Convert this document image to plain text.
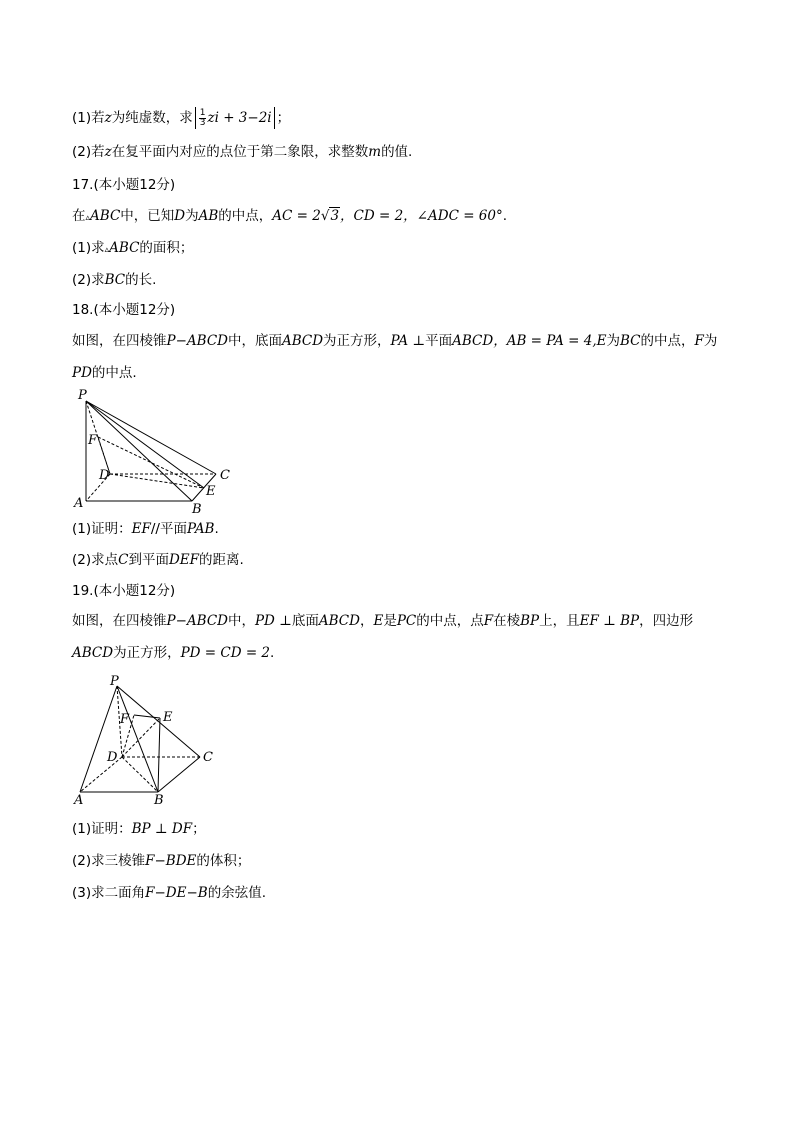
(1)若z为纯虚数，求 $\frac{1}{3}$ zi + 3−2i ；
(2)若z在复平面内对应的点位于第二象限，求整数m的值.
17.(本小题12分)
在▵ABC中，已知D为AB的中点，AC = 2√3，CD = 2，∠ADC = 60°.
(1)求▵ABC的面积；
(2)求BC的长.
18.(本小题12分)
如图，在四棱锥P−ABCD中，底面ABCD为正方形，PA ⊥平面ABCD，AB = PA = 4,E为BC的中点，F为
PD的中点.
P
F
D	C
E
A	B
(1)证明：EF//平面PAB.
(2)求点C到平面DEF的距离.
19.(本小题12分)
如图，在四棱锥P−ABCD中，PD ⊥底面ABCD，E是PC的中点，点F在棱BP上，且EF ⊥ BP，四边形
ABCD为正方形，PD = CD = 2.
P
F	E
D	C
A	B
(1)证明：BP ⊥ DF；
(2)求三棱锥F−BDE的体积；
(3)求二面角F−DE−B的余弦值.
